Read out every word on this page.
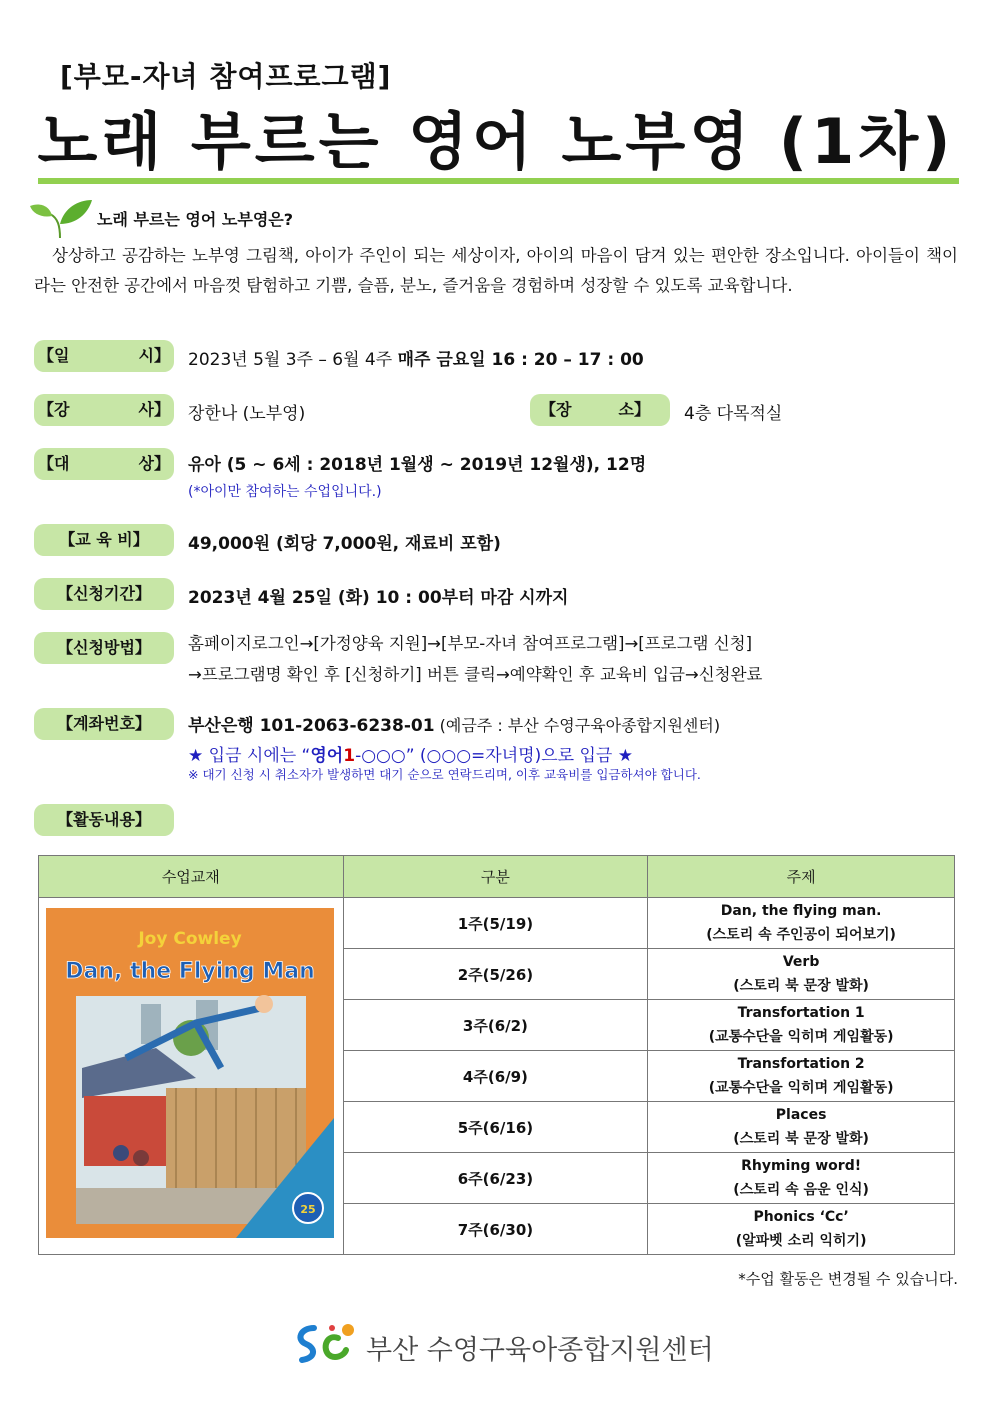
[부모-자녀 참여프로그램]
노래 부르는 영어 노부영 (1차)
노래 부르는 영어 노부영은?
상상하고 공감하는 노부영 그림책, 아이가 주인이 되는 세상이자, 아이의 마음이 담겨 있는 편안한 장소입니다. 아이들이 책이라는 안전한 공간에서 마음껏 탐험하고 기쁨, 슬픔, 분노, 즐거움을 경험하며 성장할 수 있도록 교육합니다.
【일	시】 2023년 5월 3주 – 6월 4주 매주 금요일 16 : 20 – 17 : 00
【강	사】 장한나 (노부영)	【장	소】 4층 다목적실
【대	상】 유아 (5 ~ 6세 : 2018년 1월생 ~ 2019년 12월생), 12명
(*아이만 참여하는 수업입니다.)
【교 육 비】	49,000원 (회당 7,000원, 재료비 포함)
【신청기간】	2023년 4월 25일 (화) 10 : 00부터 마감 시까지
【신청방법】	홈페이지로그인→[가정양육 지원]→[부모-자녀 참여프로그램]→[프로그램 신청]
→프로그램명 확인 후 [신청하기] 버튼 클릭→예약확인 후 교육비 입금→신청완료
【계좌번호】	부산은행 101-2063-6238-01 (예금주 : 부산 수영구육아종합지원센터)
★ 입금 시에는 “영어1-○○○” (○○○=자녀명)으로 입금 ★
※ 대기 신청 시 취소자가 발생하면 대기 순으로 연락드리며, 이후 교육비를 입금하셔야 합니다.
【활동내용】
수업교재	구분	주제
	1주(5/19)	Dan, the flying man.
(스토리 속 주인공이 되어보기)

	2주(5/26)	Verb
(스토리 북 문장 발화)

	3주(6/2)	Transfortation 1
(교통수단을 익히며 게임활동)

	4주(6/9)	Transfortation 2
(교통수단을 익히며 게임활동)

	5주(6/16)	Places
(스토리 북 문장 발화)

	6주(6/23)	Rhyming word!
(스토리 속 음운 인식)

	7주(6/30)	Phonics ‘Cc’
(알파벳 소리 익히기)
Joy Cowley
Dan, the Flying Man
25
*수업 활동은 변경될 수 있습니다.
부산 수영구육아종합지원센터
